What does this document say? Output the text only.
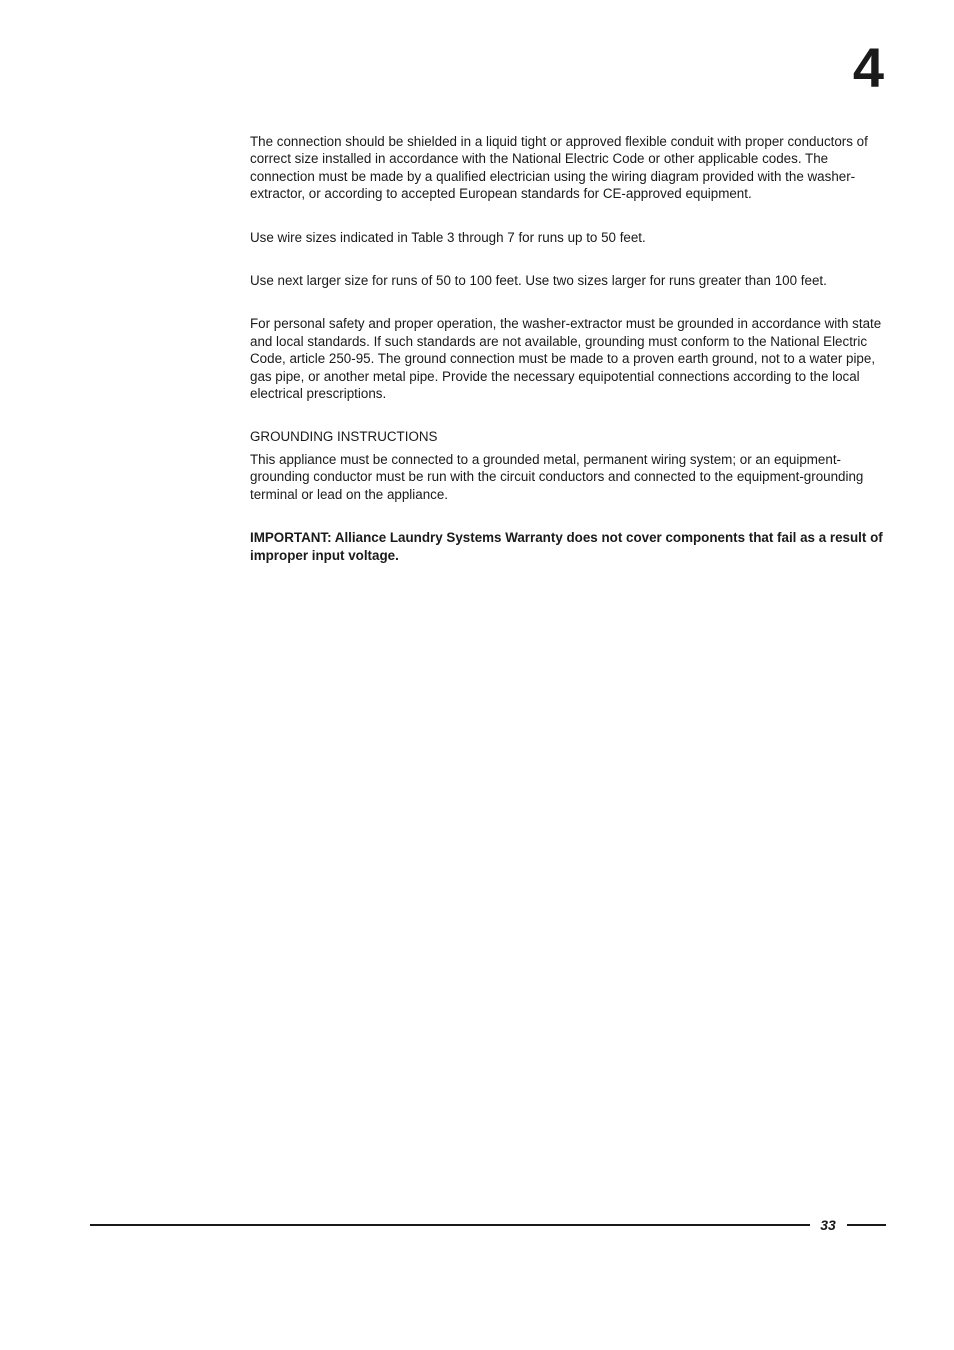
4

The connection should be shielded in a liquid tight or approved flexible conduit with proper conductors of correct size installed in accordance with the National Electric Code or other applicable codes. The connection must be made by a qualified electrician using the wiring diagram provided with the washer-extractor, or according to accepted European standards for CE-approved equipment.

Use wire sizes indicated in Table 3 through 7 for runs up to 50 feet.

Use next larger size for runs of 50 to 100 feet. Use two sizes larger for runs greater than 100 feet.

For personal safety and proper operation, the washer-extractor must be grounded in accordance with state and local standards. If such standards are not available, grounding must conform to the National Electric Code, article 250-95. The ground connection must be made to a proven earth ground, not to a water pipe, gas pipe, or another metal pipe. Provide the necessary equipotential connections according to the local electrical prescriptions.

GROUNDING INSTRUCTIONS

This appliance must be connected to a grounded metal, permanent wiring system; or an equipment-grounding conductor must be run with the circuit conductors and connected to the equipment-grounding terminal or lead on the appliance.

IMPORTANT: Alliance Laundry Systems Warranty does not cover components that fail as a result of improper input voltage.

33
